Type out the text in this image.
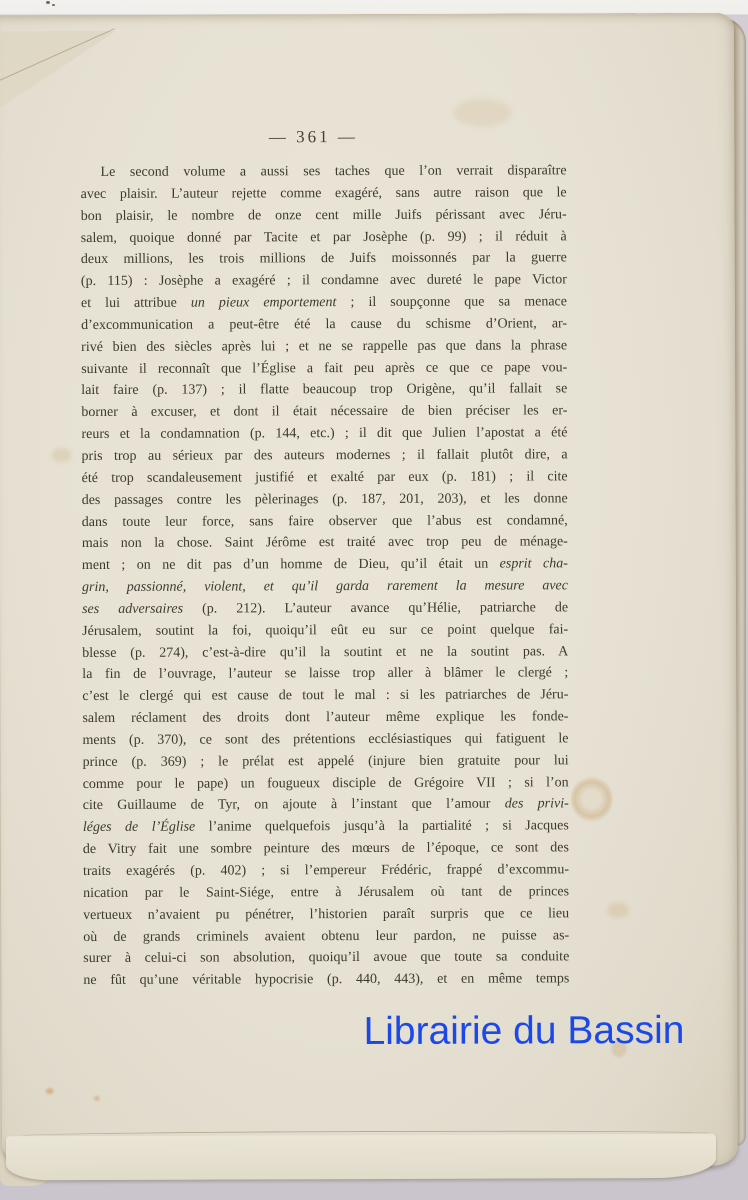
— 361 —
Le second volume a aussi ses taches que l’on verrait disparaître
avec plaisir. L’auteur rejette comme exagéré, sans autre raison que le
bon plaisir, le nombre de onze cent mille Juifs périssant avec Jéru-
salem, quoique donné par Tacite et par Josèphe (p. 99) ; il réduit à
deux millions, les trois millions de Juifs moissonnés par la guerre
(p. 115) : Josèphe a exagéré ; il condamne avec dureté le pape Victor
et lui attribue un pieux emportement ; il soupçonne que sa menace
d’excommunication a peut-être été la cause du schisme d’Orient, ar-
rivé bien des siècles après lui ; et ne se rappelle pas que dans la phrase
suivante il reconnaît que l’Église a fait peu après ce que ce pape vou-
lait faire (p. 137) ; il flatte beaucoup trop Origène, qu’il fallait se
borner à excuser, et dont il était nécessaire de bien préciser les er-
reurs et la condamnation (p. 144, etc.) ; il dit que Julien l’apostat a été
pris trop au sérieux par des auteurs modernes ; il fallait plutôt dire, a
été trop scandaleusement justifié et exalté par eux (p. 181) ; il cite
des passages contre les pèlerinages (p. 187, 201, 203), et les donne
dans toute leur force, sans faire observer que l’abus est condamné,
mais non la chose. Saint Jérôme est traité avec trop peu de ménage-
ment ; on ne dit pas d’un homme de Dieu, qu’il était un esprit cha-
grin, passionné, violent, et qu’il garda rarement la mesure avec
ses adversaires (p. 212). L’auteur avance qu’Hélie, patriarche de
Jérusalem, soutint la foi, quoiqu’il eût eu sur ce point quelque fai-
blesse (p. 274), c’est-à-dire qu’il la soutint et ne la soutint pas. A
la fin de l’ouvrage, l’auteur se laisse trop aller à blâmer le clergé ;
c’est le clergé qui est cause de tout le mal : si les patriarches de Jéru-
salem réclament des droits dont l’auteur même explique les fonde-
ments (p. 370), ce sont des prétentions ecclésiastiques qui fatiguent le
prince (p. 369) ; le prélat est appelé (injure bien gratuite pour lui
comme pour le pape) un fougueux disciple de Grégoire VII ; si l’on
cite Guillaume de Tyr, on ajoute à l’instant que l’amour des privi-
léges de l’Église l’anime quelquefois jusqu’à la partialité ; si Jacques
de Vitry fait une sombre peinture des mœurs de l’époque, ce sont des
traits exagérés (p. 402) ; si l’empereur Frédéric, frappé d’excommu-
nication par le Saint-Siége, entre à Jérusalem où tant de princes
vertueux n’avaient pu pénétrer, l’historien paraît surpris que ce lieu
où de grands criminels avaient obtenu leur pardon, ne puisse as-
surer à celui-ci son absolution, quoiqu’il avoue que toute sa conduite
ne fût qu’une véritable hypocrisie (p. 440, 443), et en même temps
Librairie du Bassin
